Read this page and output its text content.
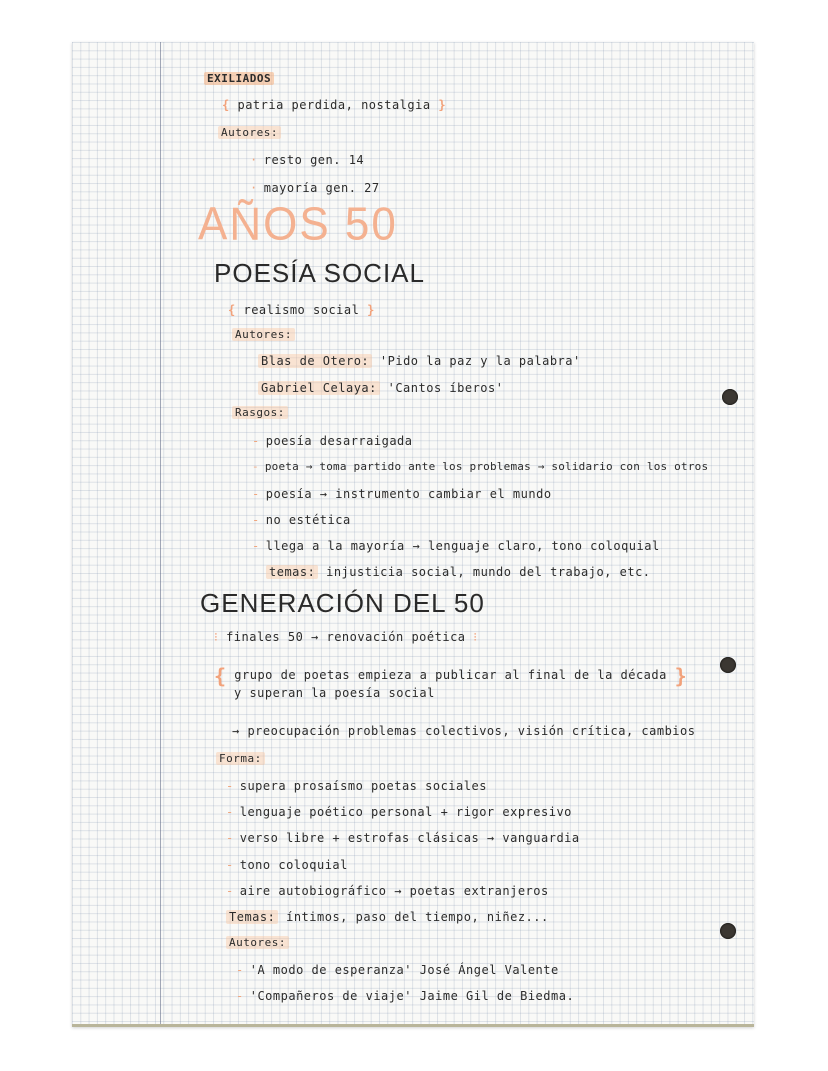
EXILIADOS
{ patria perdida, nostalgia }
Autores:
· resto gen. 14
· mayoría gen. 27
AÑOS 50
POESÍA SOCIAL
{ realismo social }
Autores:
Blas de Otero: 'Pido la paz y la palabra'
Gabriel Celaya: 'Cantos íberos'
Rasgos:
- poesía desarraigada
- poeta → toma partido ante los problemas → solidario con los otros
- poesía → instrumento cambiar el mundo
- no estética
- llega a la mayoría → lenguaje claro, tono coloquial
temas: injusticia social, mundo del trabajo, etc.
GENERACIÓN DEL 50
⁝ finales 50 → renovación poética ⁝
{ grupo de poetas empieza a publicar al final de la década }
y superan la poesía social
→ preocupación problemas colectivos, visión crítica, cambios
Forma:
- supera prosaísmo poetas sociales
- lenguaje poético personal + rigor expresivo
- verso libre + estrofas clásicas → vanguardia
- tono coloquial
- aire autobiográfico → poetas extranjeros
Temas: íntimos, paso del tiempo, niñez...
Autores:
- 'A modo de esperanza' José Ángel Valente
- 'Compañeros de viaje' Jaime Gil de Biedma.
